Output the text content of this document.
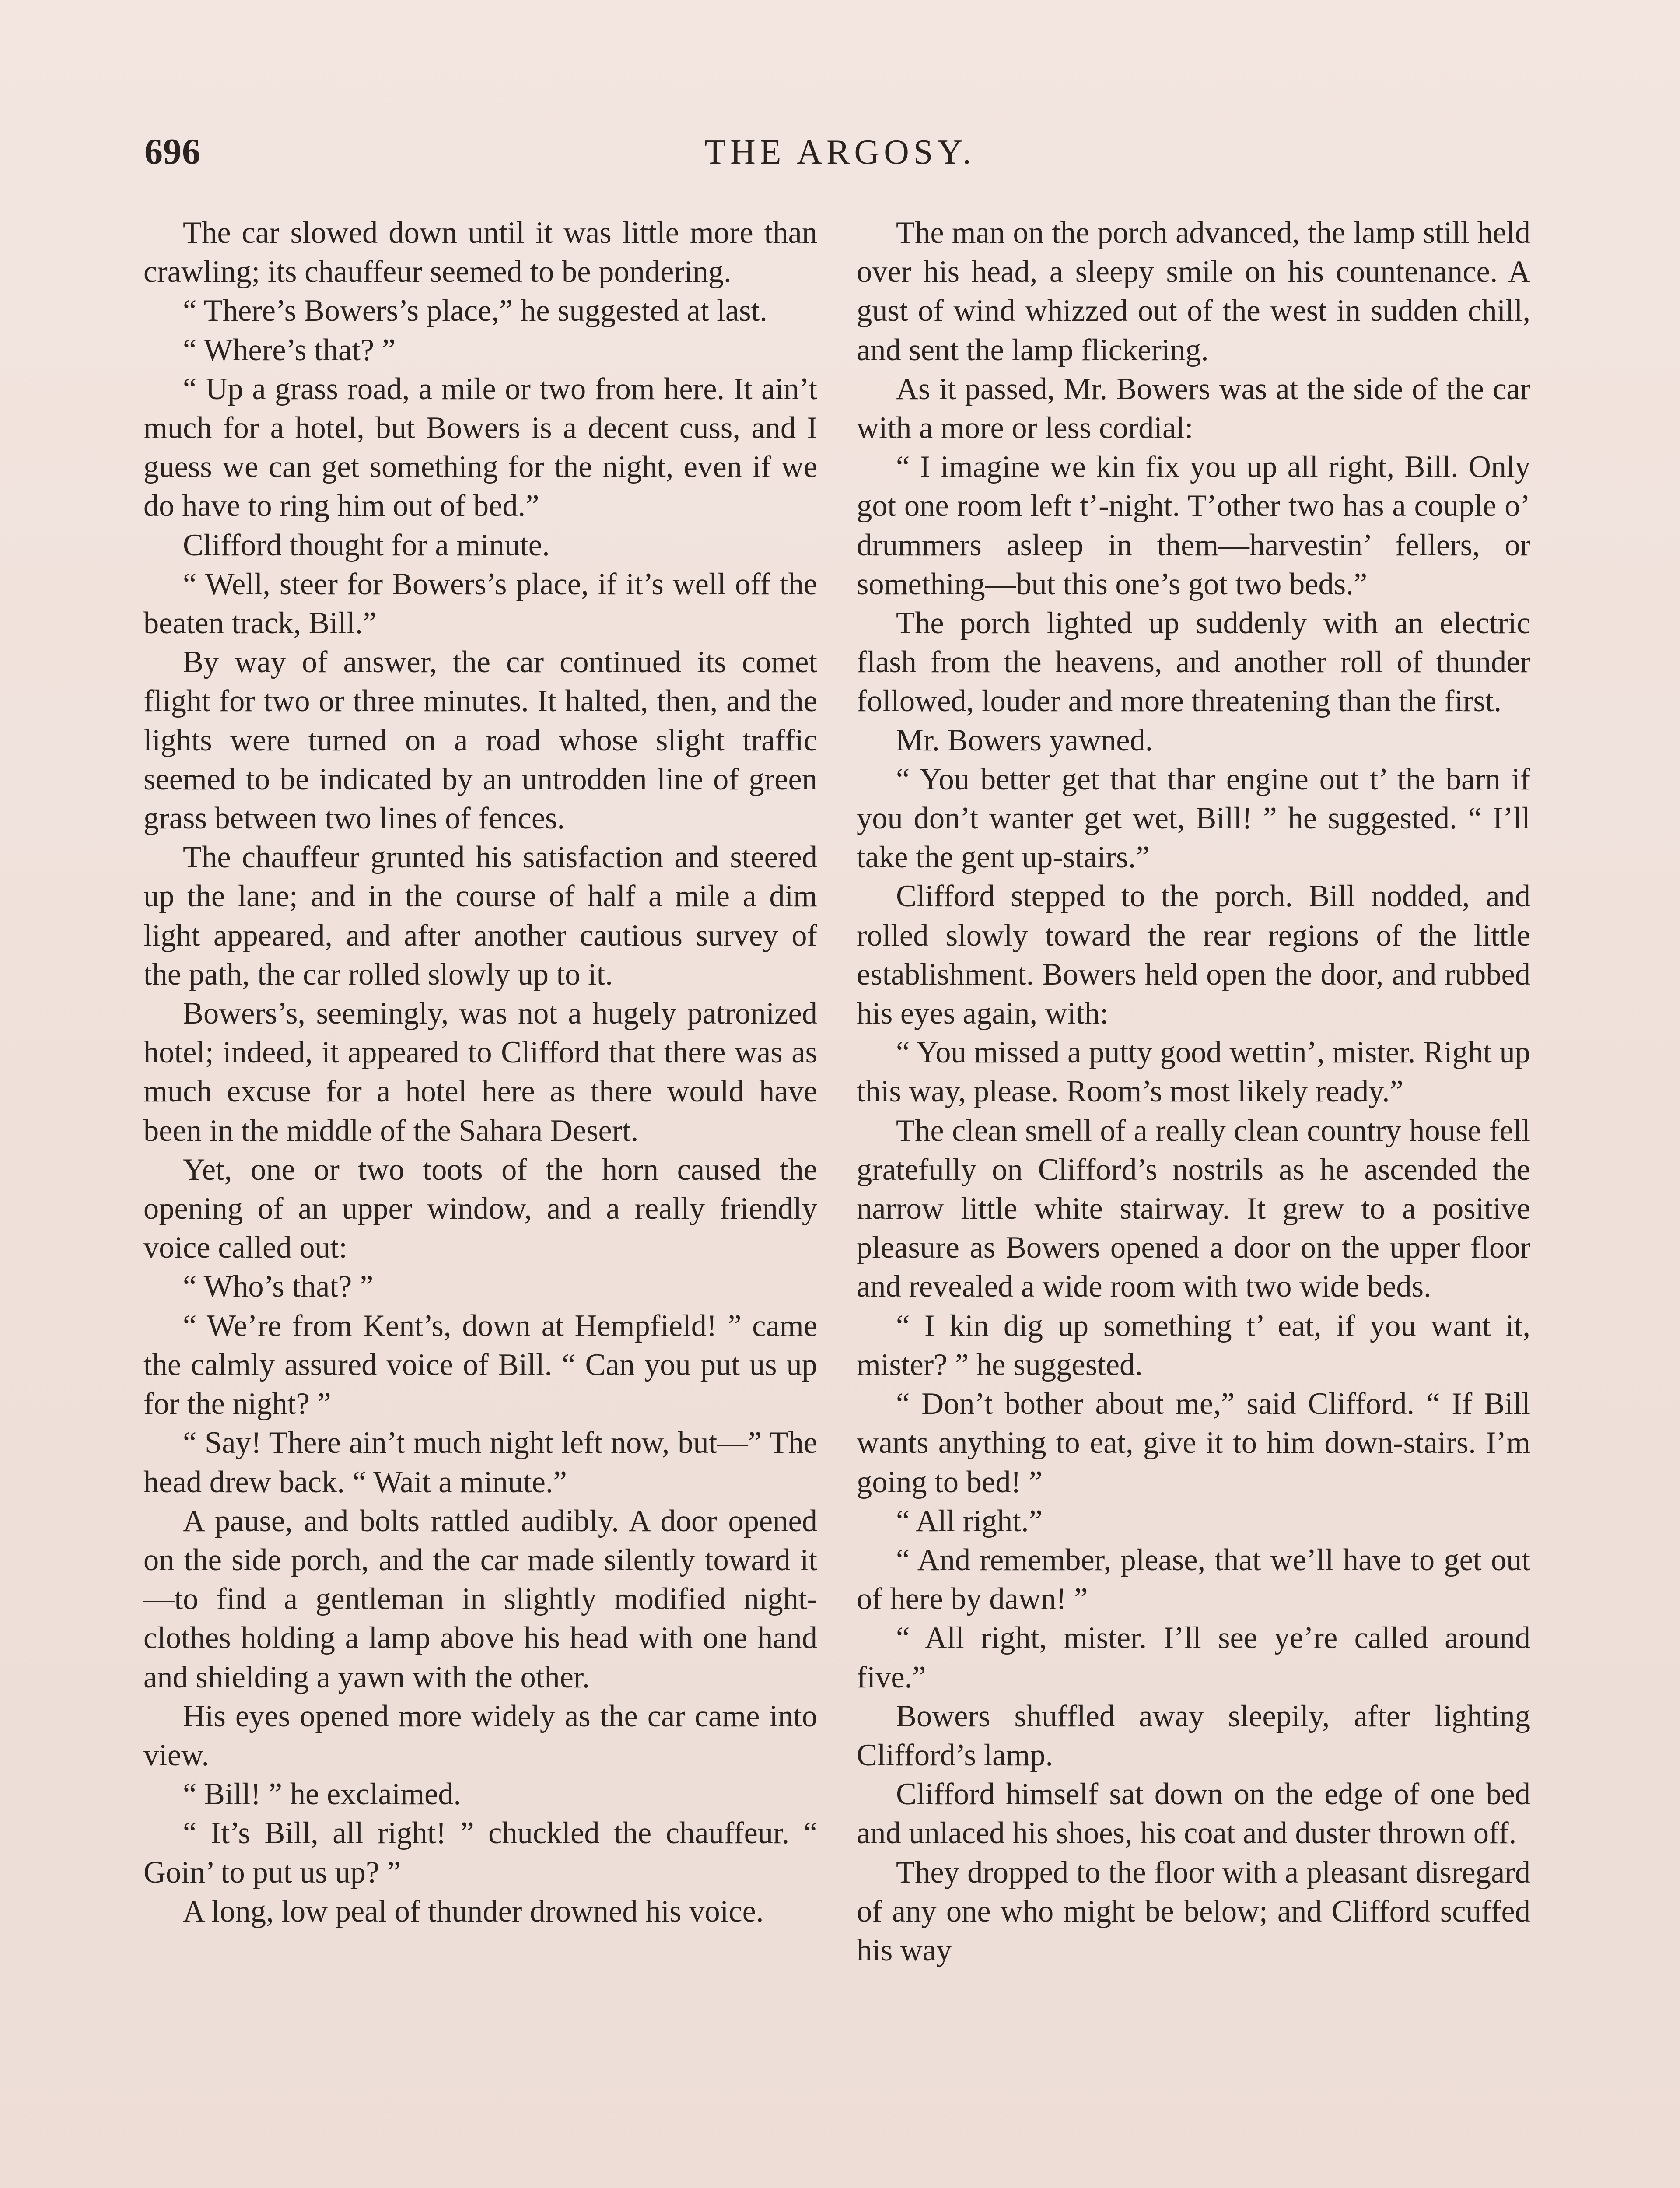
696	THE ARGOSY.

The car slowed down until it was little more than crawling; its chauffeur seemed to be pondering.

“ There’s Bowers’s place,” he suggested at last.

“ Where’s that? ”

“ Up a grass road, a mile or two from here. It ain’t much for a hotel, but Bowers is a decent cuss, and I guess we can get something for the night, even if we do have to ring him out of bed.”

Clifford thought for a minute.

“ Well, steer for Bowers’s place, if it’s well off the beaten track, Bill.”

By way of answer, the car continued its comet flight for two or three minutes. It halted, then, and the lights were turned on a road whose slight traffic seemed to be indicated by an untrodden line of green grass between two lines of fences.

The chauffeur grunted his satisfaction and steered up the lane; and in the course of half a mile a dim light appeared, and after another cautious survey of the path, the car rolled slowly up to it.

Bowers’s, seemingly, was not a hugely patronized hotel; indeed, it appeared to Clifford that there was as much excuse for a hotel here as there would have been in the middle of the Sahara Desert.

Yet, one or two toots of the horn caused the opening of an upper window, and a really friendly voice called out:

“ Who’s that? ”

“ We’re from Kent’s, down at Hempfield! ” came the calmly assured voice of Bill. “ Can you put us up for the night? ”

“ Say! There ain’t much night left now, but—” The head drew back. “ Wait a minute.”

A pause, and bolts rattled audibly. A door opened on the side porch, and the car made silently toward it—to find a gentleman in slightly modified night-clothes holding a lamp above his head with one hand and shielding a yawn with the other.

His eyes opened more widely as the car came into view.

“ Bill! ” he exclaimed.

“ It’s Bill, all right! ” chuckled the chauffeur. “ Goin’ to put us up? ”

A long, low peal of thunder drowned his voice.

The man on the porch advanced, the lamp still held over his head, a sleepy smile on his countenance. A gust of wind whizzed out of the west in sudden chill, and sent the lamp flickering.

As it passed, Mr. Bowers was at the side of the car with a more or less cordial:

“ I imagine we kin fix you up all right, Bill. Only got one room left t’-night. T’other two has a couple o’ drummers asleep in them—harvestin’ fellers, or something—but this one’s got two beds.”

The porch lighted up suddenly with an electric flash from the heavens, and another roll of thunder followed, louder and more threatening than the first.

Mr. Bowers yawned.

“ You better get that thar engine out t’ the barn if you don’t wanter get wet, Bill! ” he suggested. “ I’ll take the gent up-stairs.”

Clifford stepped to the porch. Bill nodded, and rolled slowly toward the rear regions of the little establishment. Bowers held open the door, and rubbed his eyes again, with:

“ You missed a putty good wettin’, mister. Right up this way, please. Room’s most likely ready.”

The clean smell of a really clean country house fell gratefully on Clifford’s nostrils as he ascended the narrow little white stairway. It grew to a positive pleasure as Bowers opened a door on the upper floor and revealed a wide room with two wide beds.

“ I kin dig up something t’ eat, if you want it, mister? ” he suggested.

“ Don’t bother about me,” said Clifford. “ If Bill wants anything to eat, give it to him down-stairs. I’m going to bed! ”

“ All right.”

“ And remember, please, that we’ll have to get out of here by dawn! ”

“ All right, mister. I’ll see ye’re called around five.”

Bowers shuffled away sleepily, after lighting Clifford’s lamp.

Clifford himself sat down on the edge of one bed and unlaced his shoes, his coat and duster thrown off.

They dropped to the floor with a pleasant disregard of any one who might be below; and Clifford scuffed his way
